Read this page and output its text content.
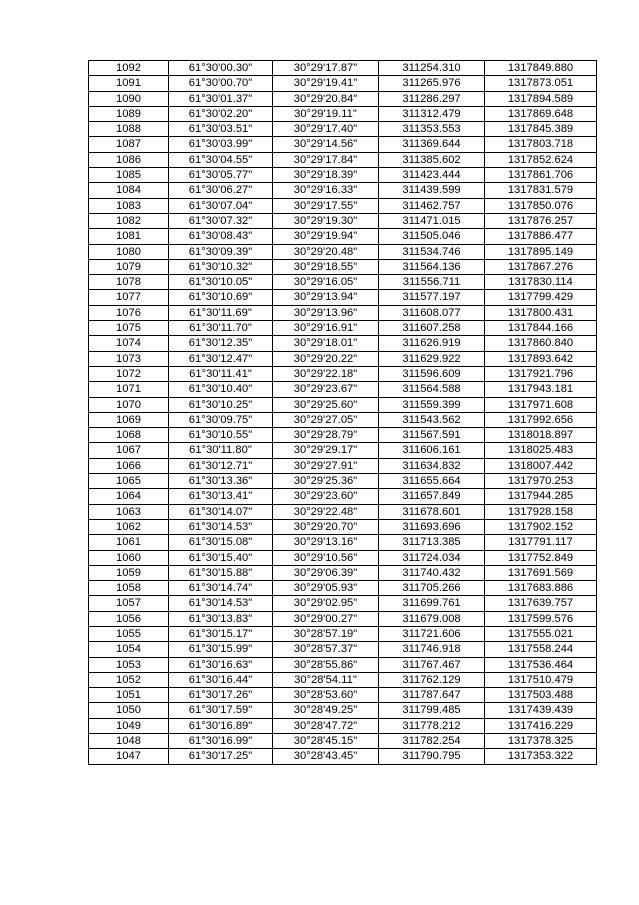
1092	61°30'00.30"	30°29'17.87"	311254.310	1317849.880
1091	61°30'00.70"	30°29'19.41"	311265.976	1317873.051
1090	61°30'01.37"	30°29'20.84"	311286.297	1317894.589
1089	61°30'02.20"	30°29'19.11"	311312.479	1317869.648
1088	61°30'03.51"	30°29'17.40"	311353.553	1317845.389
1087	61°30'03.99"	30°29'14.56"	311369.644	1317803.718
1086	61°30'04.55"	30°29'17.84"	311385.602	1317852.624
1085	61°30'05.77"	30°29'18.39"	311423.444	1317861.706
1084	61°30'06.27"	30°29'16.33"	311439.599	1317831.579
1083	61°30'07.04"	30°29'17.55"	311462.757	1317850.076
1082	61°30'07.32"	30°29'19.30"	311471.015	1317876.257
1081	61°30'08.43"	30°29'19.94"	311505.046	1317886.477
1080	61°30'09.39"	30°29'20.48"	311534.746	1317895.149
1079	61°30'10.32"	30°29'18.55"	311564.136	1317867.276
1078	61°30'10.05"	30°29'16.05"	311556.711	1317830.114
1077	61°30'10.69"	30°29'13.94"	311577.197	1317799.429
1076	61°30'11.69"	30°29'13.96"	311608.077	1317800.431
1075	61°30'11.70"	30°29'16.91"	311607.258	1317844.166
1074	61°30'12.35"	30°29'18.01"	311626.919	1317860.840
1073	61°30'12.47"	30°29'20.22"	311629.922	1317893.642
1072	61°30'11.41"	30°29'22.18"	311596.609	1317921.796
1071	61°30'10.40"	30°29'23.67"	311564.588	1317943.181
1070	61°30'10.25"	30°29'25.60"	311559.399	1317971.608
1069	61°30'09.75"	30°29'27.05"	311543.562	1317992.656
1068	61°30'10.55"	30°29'28.79"	311567.591	1318018.897
1067	61°30'11.80"	30°29'29.17"	311606.161	1318025.483
1066	61°30'12.71"	30°29'27.91"	311634.832	1318007.442
1065	61°30'13.36"	30°29'25.36"	311655.664	1317970.253
1064	61°30'13.41"	30°29'23.60"	311657.849	1317944.285
1063	61°30'14.07"	30°29'22.48"	311678.601	1317928.158
1062	61°30'14.53"	30°29'20.70"	311693.696	1317902.152
1061	61°30'15.08"	30°29'13.16"	311713.385	1317791.117
1060	61°30'15.40"	30°29'10.56"	311724.034	1317752.849
1059	61°30'15.88"	30°29'06.39"	311740.432	1317691.569
1058	61°30'14.74"	30°29'05.93"	311705.266	1317683.886
1057	61°30'14.53"	30°29'02.95"	311699.761	1317639.757
1056	61°30'13.83"	30°29'00.27"	311679.008	1317599.576
1055	61°30'15.17"	30°28'57.19"	311721.606	1317555.021
1054	61°30'15.99"	30°28'57.37"	311746.918	1317558.244
1053	61°30'16.63"	30°28'55.86"	311767.467	1317536.464
1052	61°30'16.44"	30°28'54.11"	311762.129	1317510.479
1051	61°30'17.26"	30°28'53.60"	311787.647	1317503.488
1050	61°30'17.59"	30°28'49.25"	311799.485	1317439.439
1049	61°30'16.89"	30°28'47.72"	311778.212	1317416.229
1048	61°30'16.99"	30°28'45.15"	311782.254	1317378.325
1047	61°30'17.25"	30°28'43.45"	311790.795	1317353.322
